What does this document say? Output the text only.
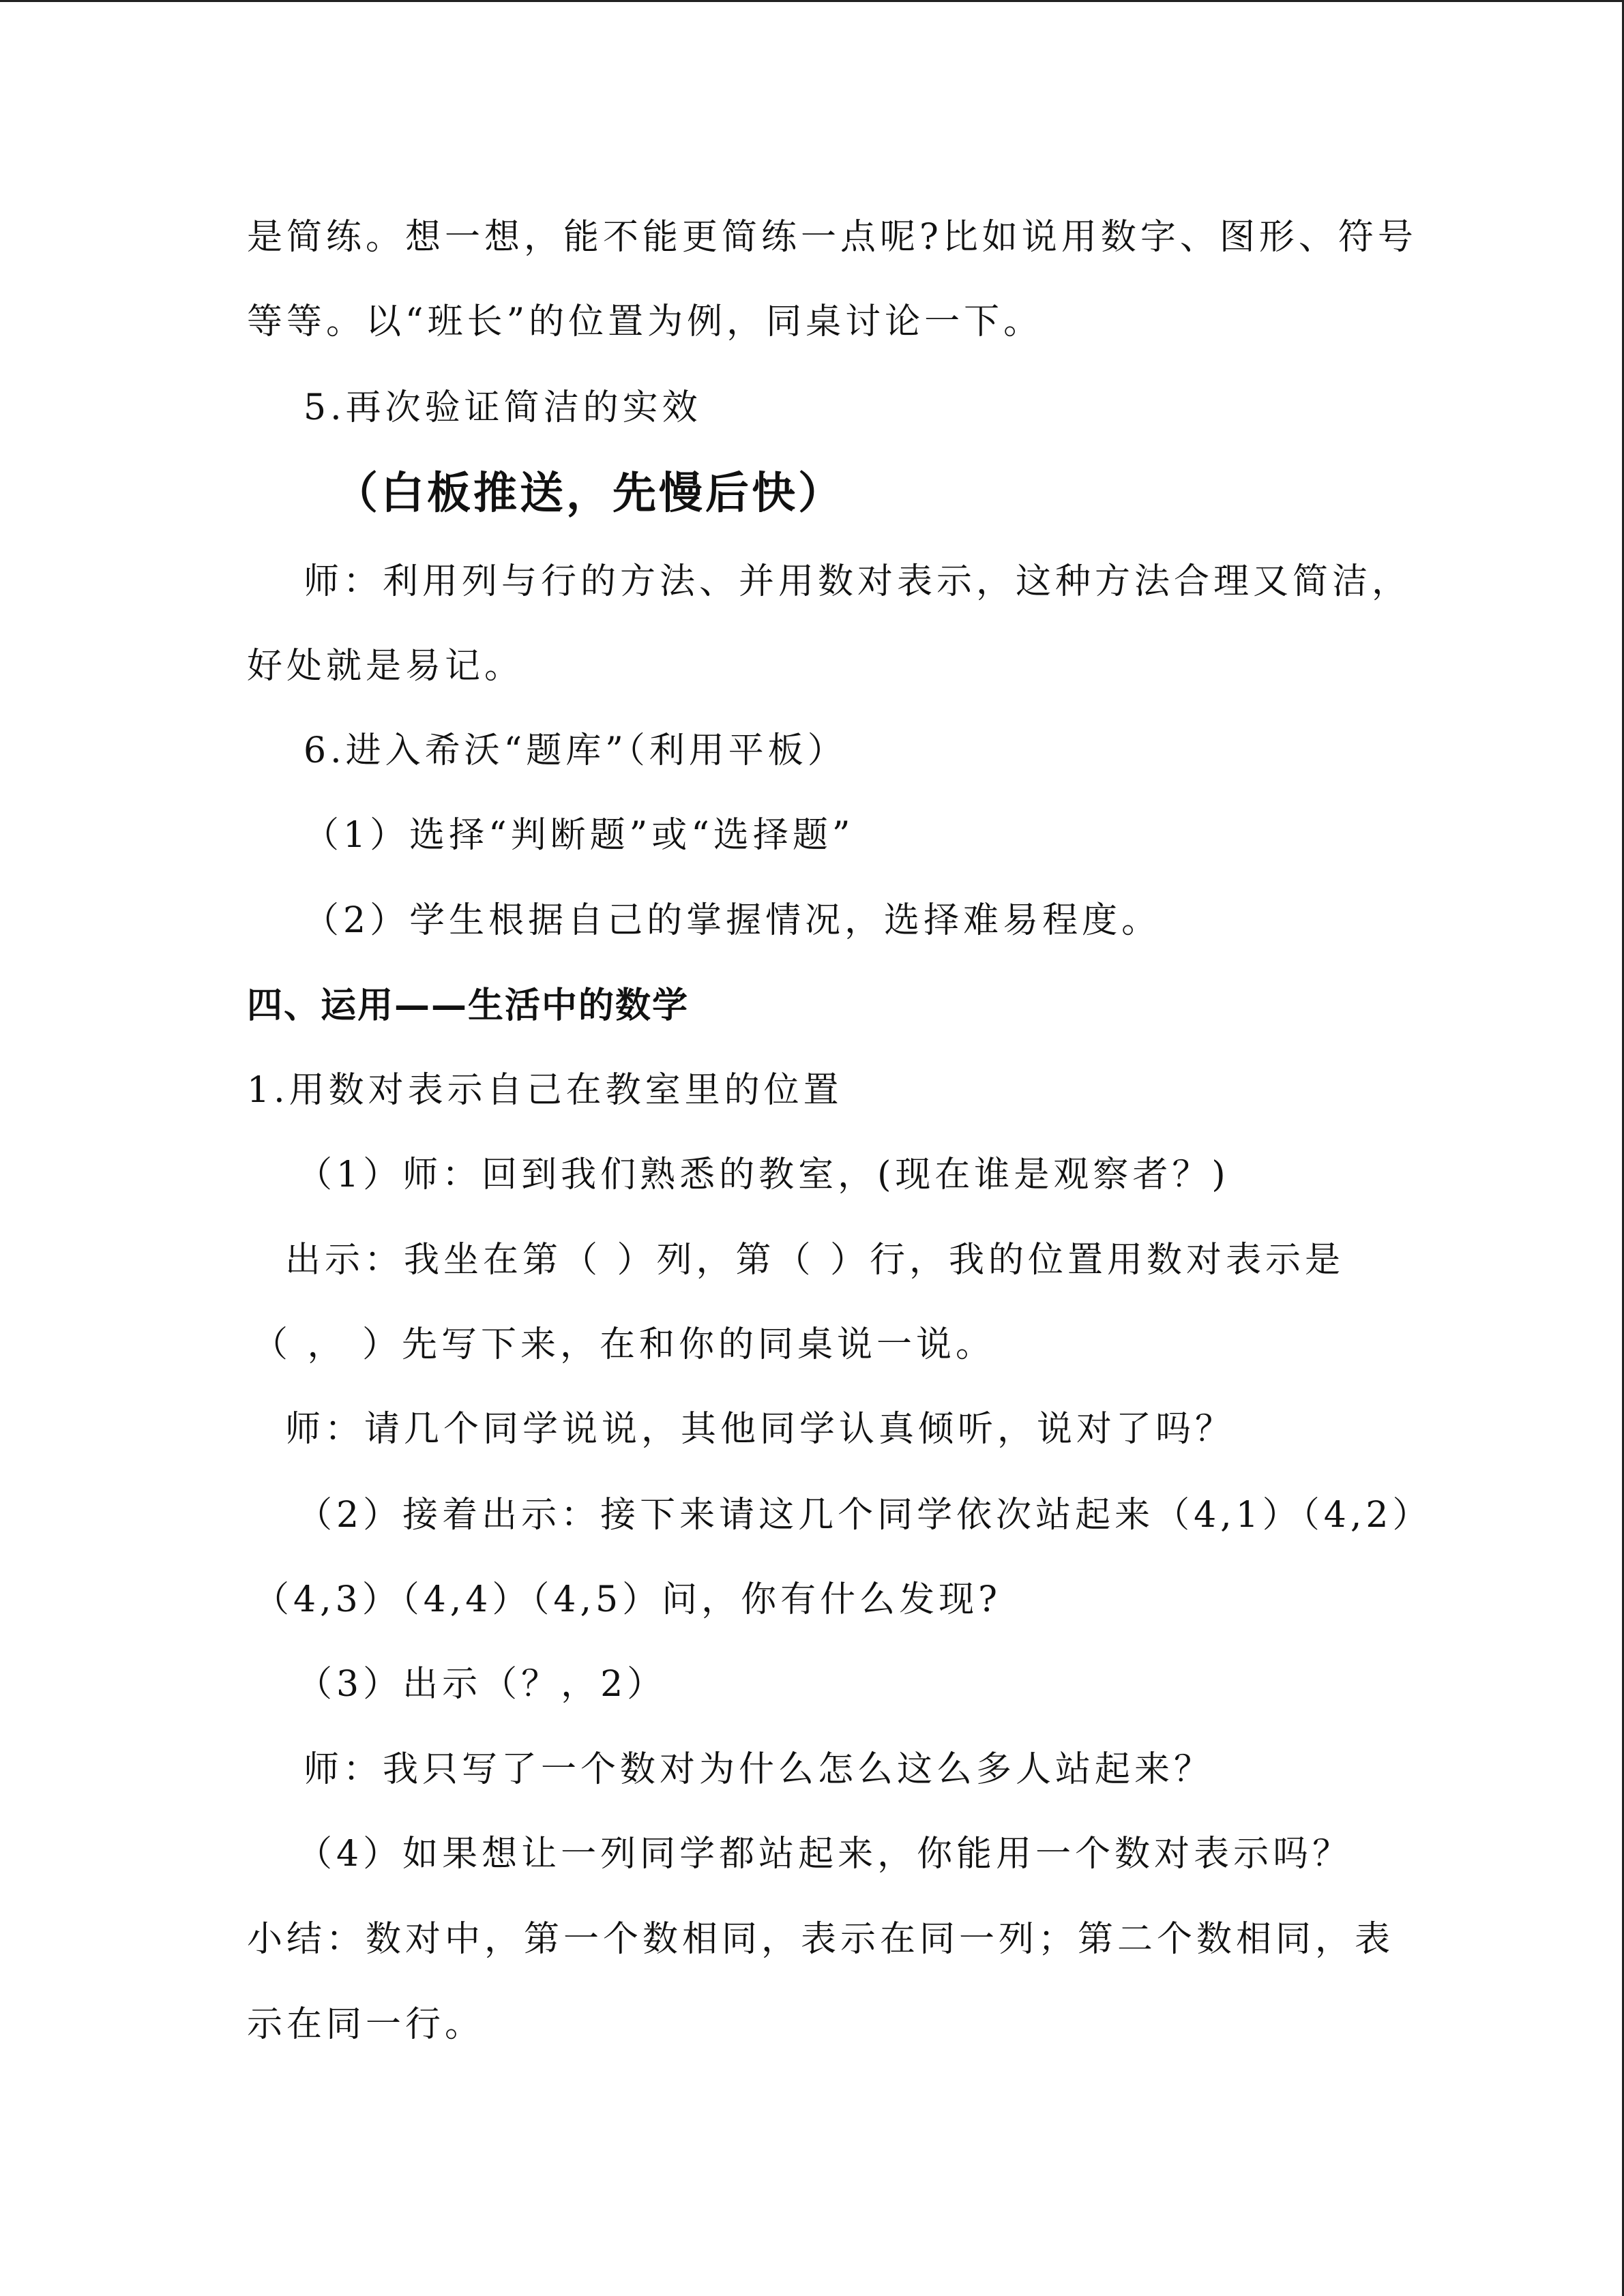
是简练。想一想，能不能更简练一点呢?比如说用数字、图形、符号
等等。以“班长”的位置为例，同桌讨论一下。
5.再次验证简洁的实效
（白板推送，先慢后快）
师：利用列与行的方法、并用数对表示，这种方法合理又简洁，
好处就是易记。
6.进入希沃“题库”（利用平板）
（1）选择“判断题”或“选择题”
（2）学生根据自己的掌握情况，选择难易程度。
四、运用——生活中的数学
1.用数对表示自己在教室里的位置
（1）师：回到我们熟悉的教室，(现在谁是观察者？)
出示：我坐在第（ ）列，第（ ）行，我的位置用数对表示是
（ ， ）先写下来，在和你的同桌说一说。
师：请几个同学说说，其他同学认真倾听，说对了吗？
（2）接着出示：接下来请这几个同学依次站起来（4,1）（4,2）
（4,3）（4,4）（4,5）问，你有什么发现?
（3）出示（？，2）
师：我只写了一个数对为什么怎么这么多人站起来？
（4）如果想让一列同学都站起来，你能用一个数对表示吗？
小结：数对中，第一个数相同，表示在同一列；第二个数相同，表
示在同一行。
